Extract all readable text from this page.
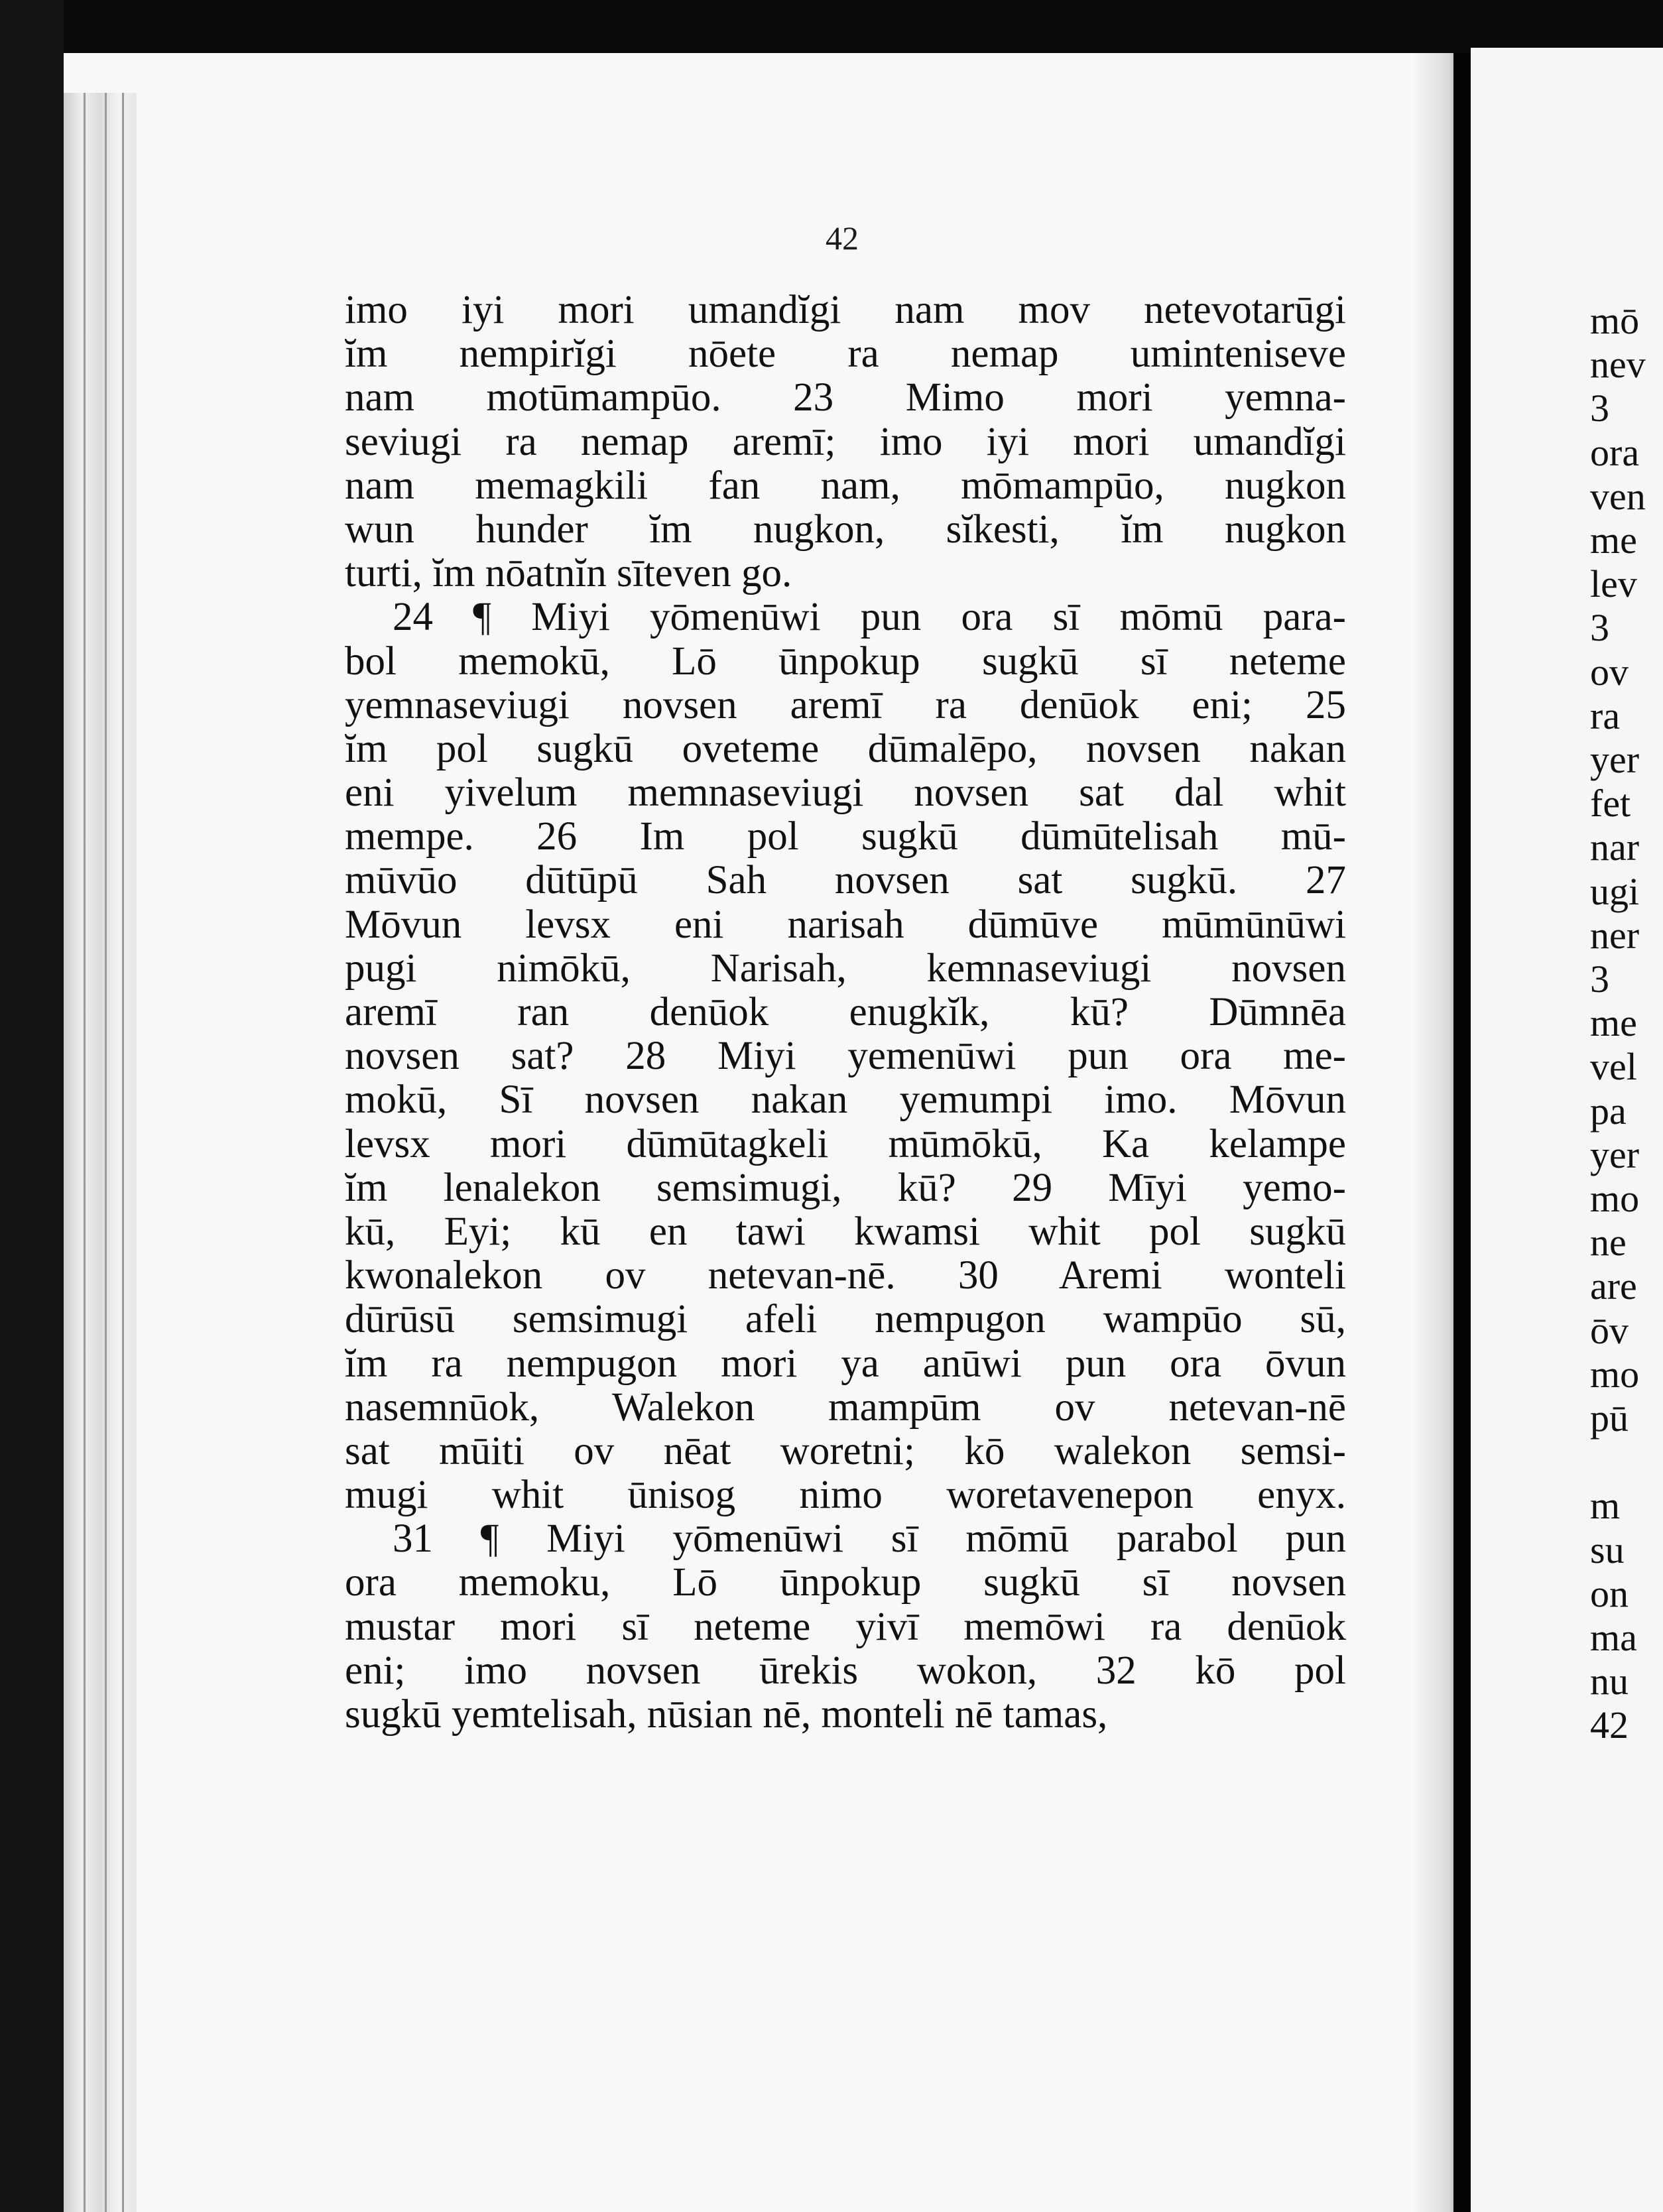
42
imo iyi mori umandĭgi nam mov netevotarūgi
ĭm nempirĭgi nōete ra nemap uminteniseve
nam motūmampūo. 23 Mimo mori yemna-
seviugi ra nemap aremī; imo iyi mori umandĭgi
nam memagkili fan nam, mōmampūo, nugkon
wun hunder ĭm nugkon, sĭkesti, ĭm nugkon
turti, ĭm nōatnĭn sīteven go.
24 ¶ Miyi yōmenūwi pun ora sī mōmū para-
bol memokū, Lō ūnpokup sugkū sī neteme
yemnaseviugi novsen aremī ra denūok eni; 25
ĭm pol sugkū oveteme dūmalēpo, novsen nakan
eni yivelum memnaseviugi novsen sat dal whit
mempe. 26 Im pol sugkū dūmūtelisah mū-
mūvūo dūtūpū Sah novsen sat sugkū. 27
Mōvun levsx eni narisah dūmūve mūmūnūwi
pugi nimōkū, Narisah, kemnaseviugi novsen
aremī ran denūok enugkĭk, kū? Dūmnēa
novsen sat? 28 Miyi yemenūwi pun ora me-
mokū, Sī novsen nakan yemumpi imo. Mōvun
levsx mori dūmūtagkeli mūmōkū, Ka kelampe
ĭm lenalekon semsimugi, kū? 29 Mīyi yemo-
kū, Eyi; kū en tawi kwamsi whit pol sugkū
kwonalekon ov netevan-nē. 30 Aremi wonteli
dūrūsū semsimugi afeli nempugon wampūo sū,
ĭm ra nempugon mori ya anūwi pun ora ōvun
nasemnūok, Walekon mampūm ov netevan-nē
sat mūiti ov nēat woretni; kō walekon semsi-
mugi whit ūnisog nimo woretavenepon enyx.
31 ¶ Miyi yōmenūwi sī mōmū parabol pun
ora memoku, Lō ūnpokup sugkū sī novsen
mustar mori sī neteme yivī memōwi ra denūok
eni; imo novsen ūrekis wokon, 32 kō pol
sugkū yemtelisah, nūsian nē, monteli nē tamas,
mō
nev
3
ora
ven
me
lev
3
ov
ra
yer
fet
nar
ugi
ner
3
me
vel
pa
yer
mo
ne
are
ōv
mo
pū
m
su
on
ma
nu
42
